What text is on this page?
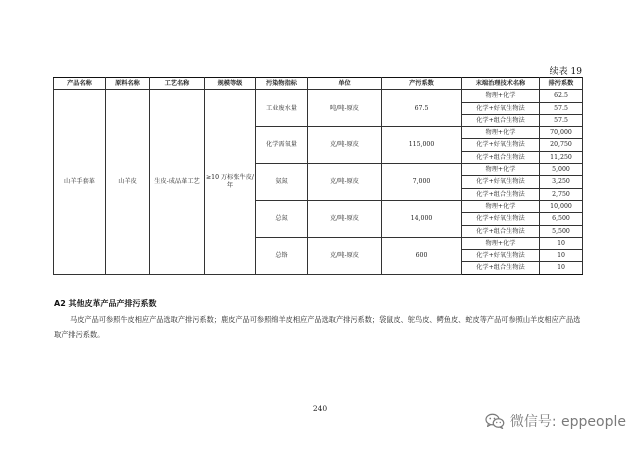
续表 19
产品名称	原料名称	工艺名称	规模等级	污染物指标	单位	产污系数	末端治理技术名称	排污系数
山羊手套革	山羊皮	生皮-成品革工艺	≥10 万标张牛皮/年	工业废水量	吨/吨-原皮	67.5	物理+化学	62.5
							化学+好氧生物法	57.5
							化学+组合生物法	57.5
				化学需氧量	克/吨-原皮	115,000	物理+化学	70,000
							化学+好氧生物法	20,750
							化学+组合生物法	11,250
				氨氮	克/吨-原皮	7,000	物理+化学	5,000
							化学+好氧生物法	3,250
							化学+组合生物法	2,750
				总氮	克/吨-原皮	14,000	物理+化学	10,000
							化学+好氧生物法	6,500
							化学+组合生物法	5,500
				总铬	克/吨-原皮	600	物理+化学	10
							化学+好氧生物法	10
							化学+组合生物法	10
A2 其他皮革产品产排污系数
马皮产品可参照牛皮相应产品选取产排污系数；鹿皮产品可参照绵羊皮相应产品选取产排污系数；袋鼠皮、鸵鸟皮、鳄鱼皮、蛇皮等产品可参照山羊皮相应产品选取产排污系数。
240
微信号: eppeople
